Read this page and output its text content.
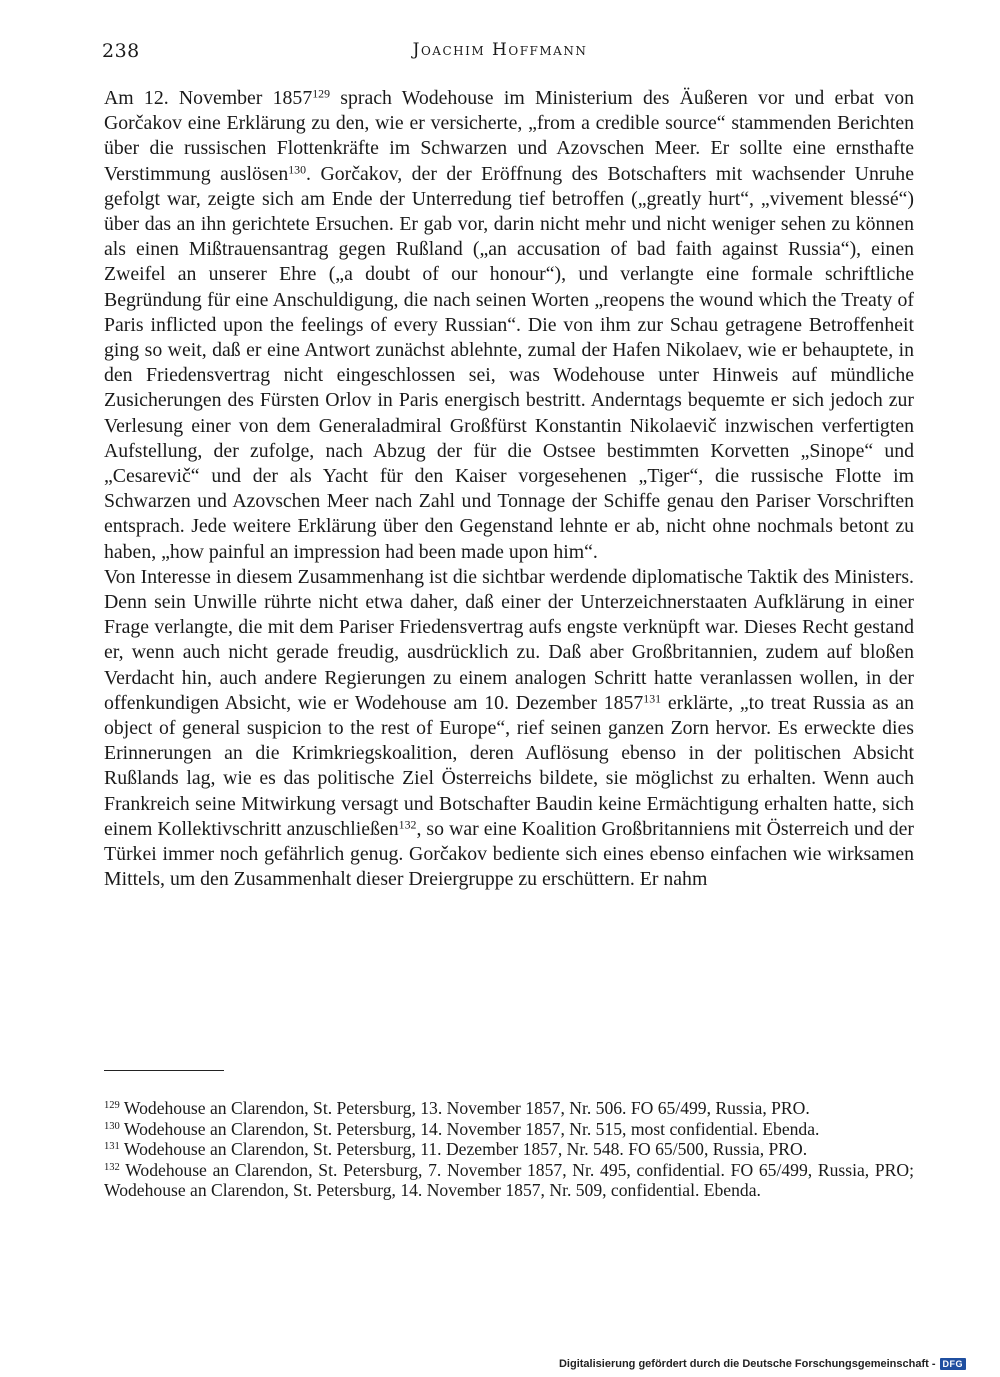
238	Joachim Hoffmann

Am 12. November 1857$^{129}$ sprach Wodehouse im Ministerium des Äußeren vor und erbat von Gorčakov eine Erklärung zu den, wie er versicherte, „from a credible source“ stammenden Berichten über die russischen Flottenkräfte im Schwarzen und Azovschen Meer. Er sollte eine ernsthafte Verstimmung auslösen$^{130}$. Gorčakov, der der Eröffnung des Botschafters mit wachsender Unruhe gefolgt war, zeigte sich am Ende der Unterredung tief betroffen („greatly hurt“, „vivement blessé“) über das an ihn gerichtete Ersuchen. Er gab vor, darin nicht mehr und nicht weniger sehen zu können als einen Mißtrauensantrag gegen Rußland („an accusation of bad faith against Russia“), einen Zweifel an unserer Ehre („a doubt of our honour“), und verlangte eine formale schriftliche Begründung für eine Anschuldigung, die nach seinen Worten „reopens the wound which the Treaty of Paris inflicted upon the feelings of every Russian“. Die von ihm zur Schau getragene Betroffenheit ging so weit, daß er eine Antwort zunächst ablehnte, zumal der Hafen Nikolaev, wie er behauptete, in den Friedensvertrag nicht eingeschlossen sei, was Wodehouse unter Hinweis auf mündliche Zusicherungen des Fürsten Orlov in Paris energisch bestritt. Anderntags bequemte er sich jedoch zur Verlesung einer von dem Generaladmiral Großfürst Konstantin Nikolaevič inzwischen verfertigten Aufstellung, der zufolge, nach Abzug der für die Ostsee bestimmten Korvetten „Sinope“ und „Cesarevič“ und der als Yacht für den Kaiser vorgesehenen „Tiger“, die russische Flotte im Schwarzen und Azovschen Meer nach Zahl und Tonnage der Schiffe genau den Pariser Vorschriften entsprach. Jede weitere Erklärung über den Gegenstand lehnte er ab, nicht ohne nochmals betont zu haben, „how painful an impression had been made upon him“.

Von Interesse in diesem Zusammenhang ist die sichtbar werdende diplomatische Taktik des Ministers. Denn sein Unwille rührte nicht etwa daher, daß einer der Unterzeichnerstaaten Aufklärung in einer Frage verlangte, die mit dem Pariser Friedensvertrag aufs engste verknüpft war. Dieses Recht gestand er, wenn auch nicht gerade freudig, ausdrücklich zu. Daß aber Großbritannien, zudem auf bloßen Verdacht hin, auch andere Regierungen zu einem analogen Schritt hatte veranlassen wollen, in der offenkundigen Absicht, wie er Wodehouse am 10. Dezember 1857$^{131}$ erklärte, „to treat Russia as an object of general suspicion to the rest of Europe“, rief seinen ganzen Zorn hervor. Es erweckte dies Erinnerungen an die Krimkriegskoalition, deren Auflösung ebenso in der politischen Absicht Rußlands lag, wie es das politische Ziel Österreichs bildete, sie möglichst zu erhalten. Wenn auch Frankreich seine Mitwirkung versagt und Botschafter Baudin keine Ermächtigung erhalten hatte, sich einem Kollektivschritt anzuschließen$^{132}$, so war eine Koalition Großbritanniens mit Österreich und der Türkei immer noch gefährlich genug. Gorčakov bediente sich eines ebenso einfachen wie wirksamen Mittels, um den Zusammenhalt dieser Dreiergruppe zu erschüttern. Er nahm

$^{129}$ Wodehouse an Clarendon, St. Petersburg, 13. November 1857, Nr. 506. FO 65/499, Russia, PRO.

$^{130}$ Wodehouse an Clarendon, St. Petersburg, 14. November 1857, Nr. 515, most confidential. Ebenda.

$^{131}$ Wodehouse an Clarendon, St. Petersburg, 11. Dezember 1857, Nr. 548. FO 65/500, Russia, PRO.

$^{132}$ Wodehouse an Clarendon, St. Petersburg, 7. November 1857, Nr. 495, confidential. FO 65/499, Russia, PRO; Wodehouse an Clarendon, St. Petersburg, 14. November 1857, Nr. 509, confidential. Ebenda.

Digitalisierung gefördert durch die Deutsche Forschungsgemeinschaft - DFG
